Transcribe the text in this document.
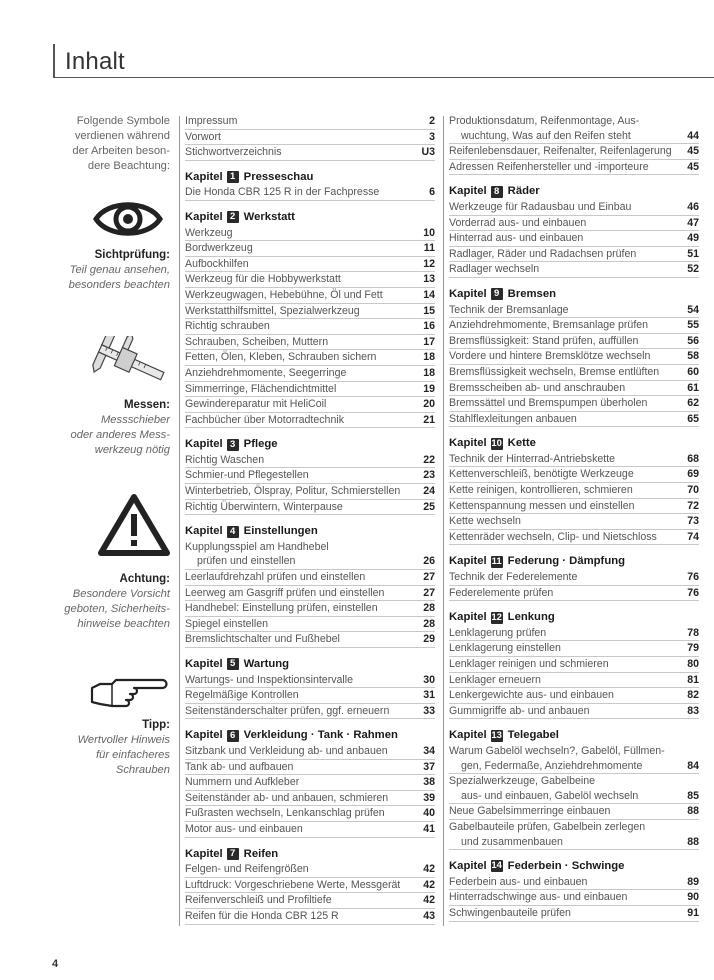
Inhalt
Folgende Symbole
verdienen während
der Arbeiten beson-
dere Beachtung:
Sichtprüfung:
Teil genau ansehen,
besonders beachten
Messen:
Messschieber
oder anderes Mess-
werkzeug nötig
Achtung:
Besondere Vorsicht
geboten, Sicherheits-
hinweise beachten
Tipp:
Wertvoller Hinweis
für einfacheres
Schrauben
Impressum	2
Vorwort	3
Stichwortverzeichnis	U3
Kapitel 1 Presseschau
Die Honda CBR 125 R in der Fachpresse	6
Kapitel 2 Werkstatt
Werkzeug	10
Bordwerkzeug	11
Aufbockhilfen	12
Werkzeug für die Hobbywerkstatt	13
Werkzeugwagen, Hebebühne, Öl und Fett	14
Werkstatthilfsmittel, Spezialwerkzeug	15
Richtig schrauben	16
Schrauben, Scheiben, Muttern	17
Fetten, Ölen, Kleben, Schrauben sichern	18
Anziehdrehmomente, Seegerringe	18
Simmerringe, Flächendichtmittel	19
Gewindereparatur mit HeliCoil	20
Fachbücher über Motorradtechnik	21
Kapitel 3 Pflege
Richtig Waschen	22
Schmier-und Pflegestellen	23
Winterbetrieb, Ölspray, Politur, Schmierstellen	24
Richtig Überwintern, Winterpause	25
Kapitel 4 Einstellungen
Kupplungsspiel am Handhebel
prüfen und einstellen	26
Leerlaufdrehzahl prüfen und einstellen	27
Leerweg am Gasgriff prüfen und einstellen	27
Handhebel: Einstellung prüfen, einstellen	28
Spiegel einstellen	28
Bremslichtschalter und Fußhebel	29
Kapitel 5 Wartung
Wartungs- und Inspektionsintervalle	30
Regelmäßige Kontrollen	31
Seitenständerschalter prüfen, ggf. erneuern	33
Kapitel 6 Verkleidung · Tank · Rahmen
Sitzbank und Verkleidung ab- und anbauen	34
Tank ab- und aufbauen	37
Nummern und Aufkleber	38
Seitenständer ab- und anbauen, schmieren	39
Fußrasten wechseln, Lenkanschlag prüfen	40
Motor aus- und einbauen	41
Kapitel 7 Reifen
Felgen- und Reifengrößen	42
Luftdruck: Vorgeschriebene Werte, Messgerät	42
Reifenverschleiß und Profiltiefe	42
Reifen für die Honda CBR 125 R	43
Produktionsdatum, Reifenmontage, Aus-
wuchtung, Was auf den Reifen steht	44
Reifenlebensdauer, Reifenalter, Reifenlagerung	45
Adressen Reifenhersteller und -importeure	45
Kapitel 8 Räder
Werkzeuge für Radausbau und Einbau	46
Vorderrad aus- und einbauen	47
Hinterrad aus- und einbauen	49
Radlager, Räder und Radachsen prüfen	51
Radlager wechseln	52
Kapitel 9 Bremsen
Technik der Bremsanlage	54
Anziehdrehmomente, Bremsanlage prüfen	55
Bremsflüssigkeit: Stand prüfen, auffüllen	56
Vordere und hintere Bremsklötze wechseln	58
Bremsflüssigkeit wechseln, Bremse entlüften	60
Bremsscheiben ab- und anschrauben	61
Bremssättel und Bremspumpen überholen	62
Stahlflexleitungen anbauen	65
Kapitel 10 Kette
Technik der Hinterrad-Antriebskette	68
Kettenverschleiß, benötigte Werkzeuge	69
Kette reinigen, kontrollieren, schmieren	70
Kettenspannung messen und einstellen	72
Kette wechseln	73
Kettenräder wechseln, Clip- und Nietschloss	74
Kapitel 11 Federung · Dämpfung
Technik der Federelemente	76
Federelemente prüfen	76
Kapitel 12 Lenkung
Lenklagerung prüfen	78
Lenklagerung einstellen	79
Lenklager reinigen und schmieren	80
Lenklager erneuern	81
Lenkergewichte aus- und einbauen	82
Gummigriffe ab- und anbauen	83
Kapitel 13 Telegabel
Warum Gabelöl wechseln?, Gabelöl, Füllmen-
gen, Federmaße, Anziehdrehmomente	84
Spezialwerkzeuge, Gabelbeine
aus- und einbauen, Gabelöl wechseln	85
Neue Gabelsimmerringe einbauen	88
Gabelbauteile prüfen, Gabelbein zerlegen
und zusammenbauen	88
Kapitel 14 Federbein · Schwinge
Federbein aus- und einbauen	89
Hinterradschwinge aus- und einbauen	90
Schwingenbauteile prüfen	91
4
